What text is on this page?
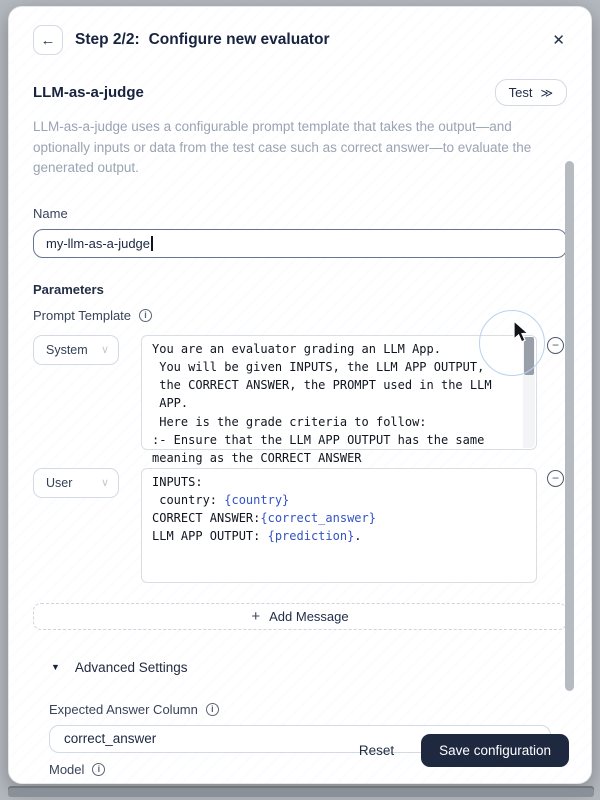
← Step 2/2: Configure new evaluator	✕
LLM-as-a-judge	Test ≫

LLM-as-a-judge uses a configurable prompt template that takes the output—and optionally inputs or data from the test case such as correct answer—to evaluate the generated output.

Name
my-llm-as-a-judge
Parameters
Prompt Template	i
System ∨	You are an evaluator grading an LLM App.
You will be given INPUTS, the LLM APP OUTPUT,
the CORRECT ANSWER, the PROMPT used in the LLM
APP.
Here is the grade criteria to follow:
:- Ensure that the LLM APP OUTPUT has the same
meaning as the CORRECT ANSWER
−
User	∨	INPUTS:
country: {country}
CORRECT ANSWER:{correct_answer}
LLM APP OUTPUT: {prediction}.
−
+ Add Message
▼ Advanced Settings
Expected Answer Column	i
correct_answer
Model	i
Reset	Save configuration
